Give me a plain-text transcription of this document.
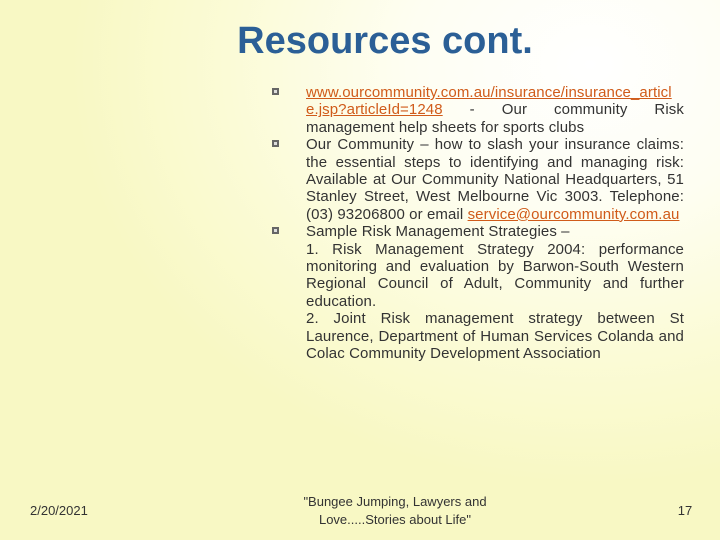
Resources cont.
www.ourcommunity.com.au/insurance/insurance_article.jsp?articleId=1248 - Our community Risk management help sheets for sports clubs
Our Community – how to slash your insurance claims: the essential steps to identifying and managing risk: Available at Our Community National Headquarters, 51 Stanley Street, West Melbourne Vic 3003. Telephone: (03) 93206800 or email service@ourcommunity.com.au
Sample Risk Management Strategies –
1. Risk Management Strategy 2004: performance monitoring and evaluation by Barwon-South Western Regional Council of Adult, Community and further education.
2. Joint Risk management strategy between St Laurence, Department of Human Services Colanda and Colac Community Development Association
2/20/2021
"Bungee Jumping, Lawyers and Love.....Stories about Life"
17
